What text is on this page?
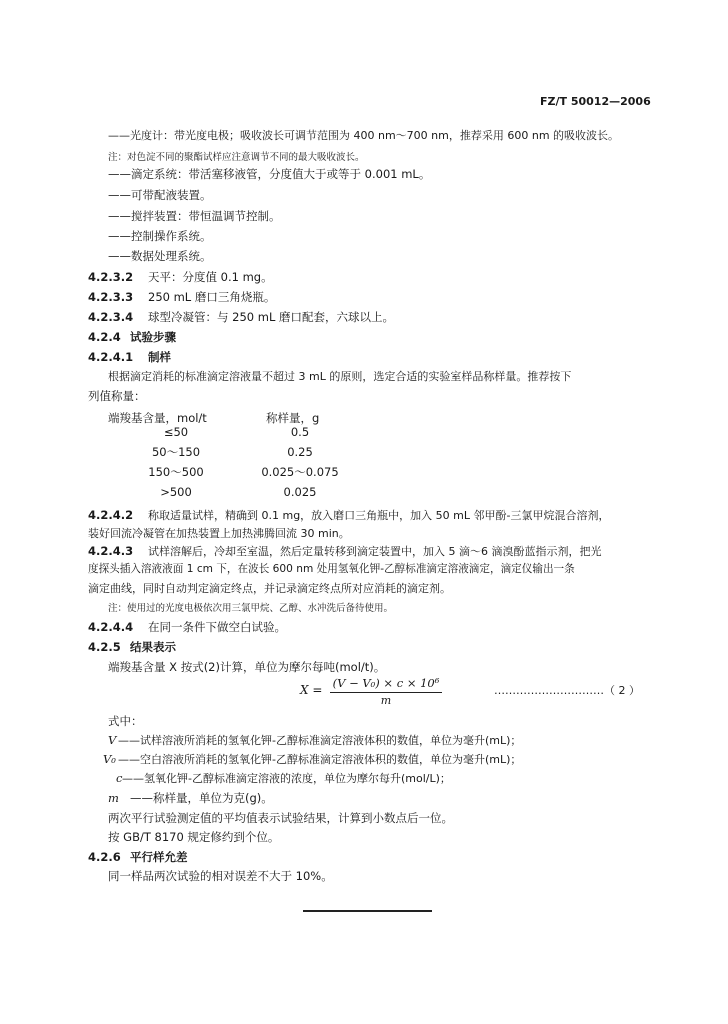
FZ/T 50012—2006
——光度计：带光度电极；吸收波长可调节范围为 400 nm～700 nm，推荐采用 600 nm 的吸收波长。
注：对色淀不同的聚酯试样应注意调节不同的最大吸收波长。
——滴定系统：带活塞移液管，分度值大于或等于 0.001 mL。
——可带配液装置。
——搅拌装置：带恒温调节控制。
——控制操作系统。
——数据处理系统。
4.2.3.2 天平：分度值 0.1 mg。
4.2.3.3 250 mL 磨口三角烧瓶。
4.2.3.4 球型冷凝管：与 250 mL 磨口配套，六球以上。
4.2.4 试验步骤
4.2.4.1 制样
根据滴定消耗的标准滴定溶液量不超过 3 mL 的原则，选定合适的实验室样品称样量。推荐按下
列值称量：
端羧基含量，mol/t	称样量，g
≤50	0.5
50～150	0.25
150～500	0.025～0.075
>500	0.025
4.2.4.2 称取适量试样，精确到 0.1 mg，放入磨口三角瓶中，加入 50 mL 邻甲酚-三氯甲烷混合溶剂，
装好回流冷凝管在加热装置上加热沸腾回流 30 min。
4.2.4.3 试样溶解后，冷却至室温，然后定量转移到滴定装置中，加入 5 滴～6 滴溴酚蓝指示剂，把光
度探头插入溶液液面 1 cm 下，在波长 600 nm 处用氢氧化钾-乙醇标准滴定溶液滴定，滴定仪输出一条
滴定曲线，同时自动判定滴定终点，并记录滴定终点所对应消耗的滴定剂。
注：使用过的光度电极依次用三氯甲烷、乙醇、水冲洗后备待使用。
4.2.4.4 在同一条件下做空白试验。
4.2.5 结果表示
端羧基含量 X 按式(2)计算，单位为摩尔每吨(mol/t)。
X = (V − V₀) × c × 10⁶
m
…………………………（ 2 ）
式中：
V ——试样溶液所消耗的氢氧化钾-乙醇标准滴定溶液体积的数值，单位为毫升(mL)；
V₀ ——空白溶液所消耗的氢氧化钾-乙醇标准滴定溶液体积的数值，单位为毫升(mL)；
c ——氢氧化钾-乙醇标准滴定溶液的浓度，单位为摩尔每升(mol/L)；
m ——称样量，单位为克(g)。
两次平行试验测定值的平均值表示试验结果，计算到小数点后一位。
按 GB/T 8170 规定修约到个位。
4.2.6 平行样允差
同一样品两次试验的相对误差不大于 10%。
